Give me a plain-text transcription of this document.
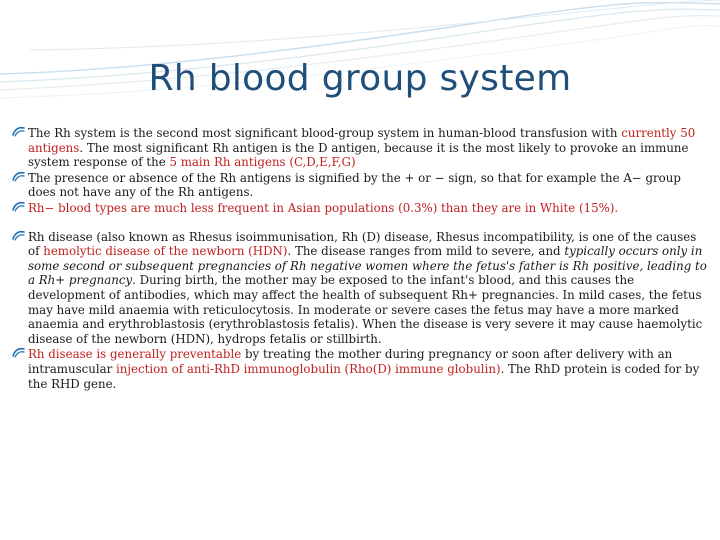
Rh blood group system

The Rh system is the second most significant blood-group system in human-blood transfusion with currently 50 antigens. The most significant Rh antigen is the D antigen, because it is the most likely to provoke an immune system response of the 5 main Rh antigens (C,D,E,F,G)

The presence or absence of the Rh antigens is signified by the + or − sign, so that for example the A− group does not have any of the Rh antigens.

Rh− blood types are much less frequent in Asian populations (0.3%) than they are in White (15%).

Rh disease (also known as Rhesus isoimmunisation, Rh (D) disease, Rhesus incompatibility, is one of the causes of hemolytic disease of the newborn (HDN). The disease ranges from mild to severe, and typically occurs only in some second or subsequent pregnancies of Rh negative women where the fetus's father is Rh positive, leading to a Rh+ pregnancy. During birth, the mother may be exposed to the infant's blood, and this causes the development of antibodies, which may affect the health of subsequent Rh+ pregnancies. In mild cases, the fetus may have mild anaemia with reticulocytosis. In moderate or severe cases the fetus may have a more marked anaemia and erythroblastosis (erythroblastosis fetalis). When the disease is very severe it may cause haemolytic disease of the newborn (HDN), hydrops fetalis or stillbirth.

Rh disease is generally preventable by treating the mother during pregnancy or soon after delivery with an intramuscular injection of anti-RhD immunoglobulin (Rho(D) immune globulin). The RhD protein is coded for by the RHD gene.
